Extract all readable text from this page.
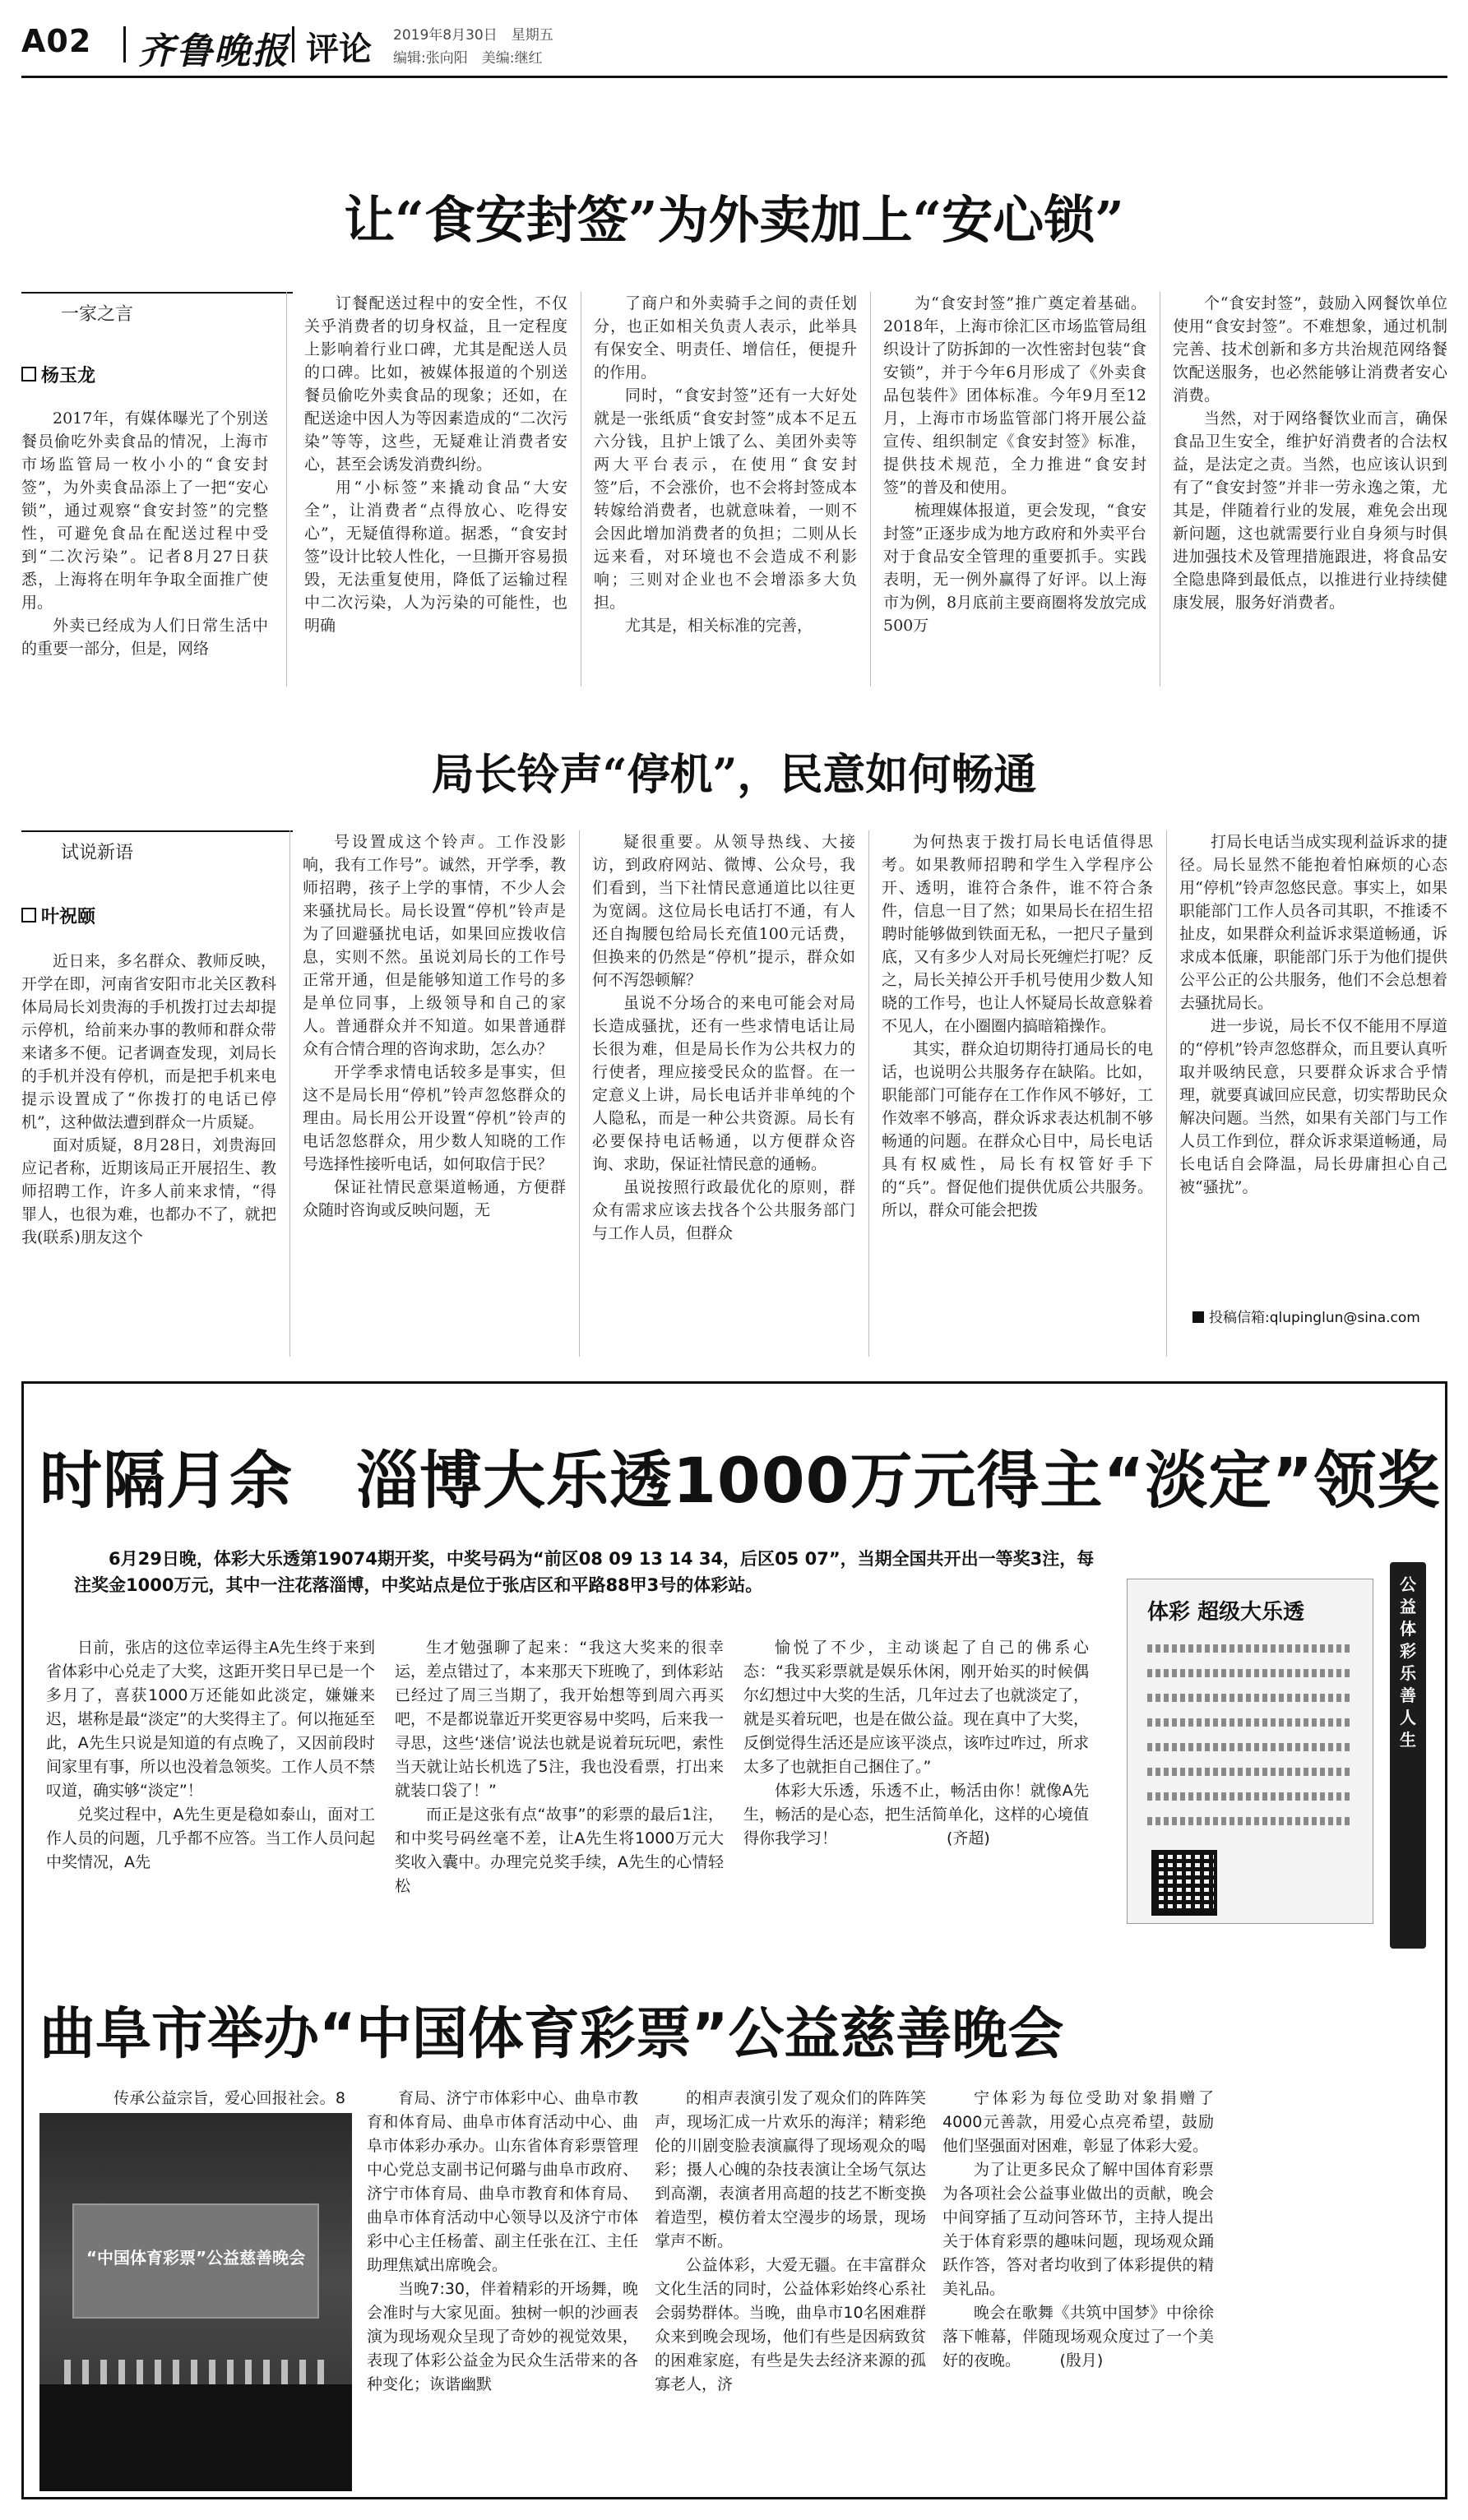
A02 齐鲁晚报 评论 2019年8月30日　星期五
编辑:张向阳　美编:继红
让“食安封签”为外卖加上“安心锁”
一家之言
杨玉龙

2017年，有媒体曝光了个别送餐员偷吃外卖食品的情况，上海市市场监管局一枚小小的“食安封签”，为外卖食品添上了一把“安心锁”，通过观察“食安封签”的完整性，可避免食品在配送过程中受到“二次污染”。记者8月27日获悉，上海将在明年争取全面推广使用。

外卖已经成为人们日常生活中的重要一部分，但是，网络

订餐配送过程中的安全性，不仅关乎消费者的切身权益，且一定程度上影响着行业口碑，尤其是配送人员的口碑。比如，被媒体报道的个别送餐员偷吃外卖食品的现象；还如，在配送途中因人为等因素造成的“二次污染”等等，这些，无疑难让消费者安心，甚至会诱发消费纠纷。

用“小标签”来撬动食品“大安全”，让消费者“点得放心、吃得安心”，无疑值得称道。据悉，“食安封签”设计比较人性化，一旦撕开容易损毁，无法重复使用，降低了运输过程中二次污染，人为污染的可能性，也明确

了商户和外卖骑手之间的责任划分，也正如相关负责人表示，此举具有保安全、明责任、增信任，便提升的作用。

同时，“食安封签”还有一大好处就是一张纸质“食安封签”成本不足五六分钱，且护上饿了么、美团外卖等两大平台表示，在使用“食安封签”后，不会涨价，也不会将封签成本转嫁给消费者，也就意味着，一则不会因此增加消费者的负担；二则从长远来看，对环境也不会造成不利影响；三则对企业也不会增添多大负担。

尤其是，相关标准的完善，

为“食安封签”推广奠定着基础。2018年，上海市徐汇区市场监管局组织设计了防拆卸的一次性密封包装“食安锁”，并于今年6月形成了《外卖食品包装件》团体标准。今年9月至12月，上海市市场监管部门将开展公益宣传、组织制定《食安封签》标准，提供技术规范，全力推进“食安封签”的普及和使用。

梳理媒体报道，更会发现，“食安封签”正逐步成为地方政府和外卖平台对于食品安全管理的重要抓手。实践表明，无一例外赢得了好评。以上海市为例，8月底前主要商圈将发放完成500万

个“食安封签”，鼓励入网餐饮单位使用“食安封签”。不难想象，通过机制完善、技术创新和多方共治规范网络餐饮配送服务，也必然能够让消费者安心消费。

当然，对于网络餐饮业而言，确保食品卫生安全，维护好消费者的合法权益，是法定之责。当然，也应该认识到有了“食安封签”并非一劳永逸之策，尤其是，伴随着行业的发展，难免会出现新问题，这也就需要行业自身须与时俱进加强技术及管理措施跟进，将食品安全隐患降到最低点，以推进行业持续健康发展，服务好消费者。

局长铃声“停机”，民意如何畅通
试说新语
叶祝颐

近日来，多名群众、教师反映，开学在即，河南省安阳市北关区教科体局局长刘贵海的手机拨打过去却提示停机，给前来办事的教师和群众带来诸多不便。记者调查发现，刘局长的手机并没有停机，而是把手机来电提示设置成了“你拨打的电话已停机”，这种做法遭到群众一片质疑。

面对质疑，8月28日，刘贵海回应记者称，近期该局正开展招生、教师招聘工作，许多人前来求情，“得罪人，也很为难，也都办不了，就把我(联系)朋友这个

号设置成这个铃声。工作没影响，我有工作号”。诚然，开学季，教师招聘，孩子上学的事情，不少人会来骚扰局长。局长设置“停机”铃声是为了回避骚扰电话，如果回应拨收信息，实则不然。虽说刘局长的工作号正常开通，但是能够知道工作号的多是单位同事，上级领导和自己的家人。普通群众并不知道。如果普通群众有合情合理的咨询求助，怎么办？

开学季求情电话较多是事实，但这不是局长用“停机”铃声忽悠群众的理由。局长用公开设置“停机”铃声的电话忽悠群众，用少数人知晓的工作号选择性接听电话，如何取信于民？

保证社情民意渠道畅通，方便群众随时咨询或反映问题，无

疑很重要。从领导热线、大接访，到政府网站、微博、公众号，我们看到，当下社情民意通道比以往更为宽阔。这位局长电话打不通，有人还自掏腰包给局长充值100元话费，但换来的仍然是“停机”提示，群众如何不泻怨顿解？

虽说不分场合的来电可能会对局长造成骚扰，还有一些求情电话让局长很为难，但是局长作为公共权力的行使者，理应接受民众的监督。在一定意义上讲，局长电话并非单纯的个人隐私，而是一种公共资源。局长有必要保持电话畅通，以方便群众咨询、求助，保证社情民意的通畅。

虽说按照行政最优化的原则，群众有需求应该去找各个公共服务部门与工作人员，但群众

为何热衷于拨打局长电话值得思考。如果教师招聘和学生入学程序公开、透明，谁符合条件，谁不符合条件，信息一目了然；如果局长在招生招聘时能够做到铁面无私，一把尺子量到底，又有多少人对局长死缠烂打呢？反之，局长关掉公开手机号使用少数人知晓的工作号，也让人怀疑局长故意躲着不见人，在小圈圈内搞暗箱操作。

其实，群众迫切期待打通局长的电话，也说明公共服务存在缺陷。比如，职能部门可能存在工作作风不够好，工作效率不够高，群众诉求表达机制不够畅通的问题。在群众心目中，局长电话具有权威性，局长有权管好手下的“兵”。督促他们提供优质公共服务。所以，群众可能会把拨

打局长电话当成实现利益诉求的捷径。局长显然不能抱着怕麻烦的心态用“停机”铃声忽悠民意。事实上，如果职能部门工作人员各司其职，不推诿不扯皮，如果群众利益诉求渠道畅通，诉求成本低廉，职能部门乐于为他们提供公平公正的公共服务，他们不会总想着去骚扰局长。

进一步说，局长不仅不能用不厚道的“停机”铃声忽悠群众，而且要认真听取并吸纳民意，只要群众诉求合乎情理，就要真诚回应民意，切实帮助民众解决问题。当然，如果有关部门与工作人员工作到位，群众诉求渠道畅通，局长电话自会降温，局长毋庸担心自己被“骚扰”。

投稿信箱:qlupinglun@sina.com
时隔月余　淄博大乐透1000万元得主“淡定”领奖
6月29日晚，体彩大乐透第19074期开奖，中奖号码为“前区08 09 13 14 34，后区05 07”，当期全国共开出一等奖3注，每注奖金1000万元，其中一注花落淄博，中奖站点是位于张店区和平路88甲3号的体彩站。

日前，张店的这位幸运得主A先生终于来到省体彩中心兑走了大奖，这距开奖日早已是一个多月了，喜获1000万还能如此淡定，嫌嫌来迟，堪称是最“淡定”的大奖得主了。何以拖延至此，A先生只说是知道的有点晚了，又因前段时间家里有事，所以也没着急领奖。工作人员不禁叹道，确实够“淡定”！

兑奖过程中，A先生更是稳如泰山，面对工作人员的问题，几乎都不应答。当工作人员问起中奖情况，A先

生才勉强聊了起来：“我这大奖来的很幸运，差点错过了，本来那天下班晚了，到体彩站已经过了周三当期了，我开始想等到周六再买吧，不是都说靠近开奖更容易中奖吗，后来我一寻思，这些‘迷信’说法也就是说着玩玩吧，索性当天就让站长机选了5注，我也没看票，打出来就装口袋了！”

而正是这张有点“故事”的彩票的最后1注，和中奖号码丝毫不差，让A先生将1000万元大奖收入囊中。办理完兑奖手续，A先生的心情轻松

愉悦了不少，主动谈起了自己的佛系心态：“我买彩票就是娱乐休闲，刚开始买的时候偶尔幻想过中大奖的生活，几年过去了也就淡定了，就是买着玩吧，也是在做公益。现在真中了大奖，反倒觉得生活还是应该平淡点，该咋过咋过，所求太多了也就拒自己捆住了。”

体彩大乐透，乐透不止，畅活由你！就像A先生，畅活的是心态，把生活简单化，这样的心境值得你我学习！　　　　　　　(齐超)

体彩 超级大乐透
公益体彩 乐善人生
曲阜市举办“中国体育彩票”公益慈善晚会

传承公益宗旨，爱心回报社会。8

“中国体育彩票”公益慈善晚会

育局、济宁市体彩中心、曲阜市教育和体育局、曲阜市体育活动中心、曲阜市体彩办承办。山东省体育彩票管理中心党总支副书记何璐与曲阜市政府、济宁市体育局、曲阜市教育和体育局、曲阜市体育活动中心领导以及济宁市体彩中心主任杨蕾、副主任张在江、主任助理焦斌出席晚会。

当晚7:30，伴着精彩的开场舞，晚会准时与大家见面。独树一帜的沙画表演为现场观众呈现了奇妙的视觉效果，表现了体彩公益金为民众生活带来的各种变化；诙谐幽默

的相声表演引发了观众们的阵阵笑声，现场汇成一片欢乐的海洋；精彩绝伦的川剧变脸表演赢得了现场观众的喝彩；摄人心魄的杂技表演让全场气氛达到高潮，表演者用高超的技艺不断变换着造型，模仿着太空漫步的场景，现场掌声不断。

公益体彩，大爱无疆。在丰富群众文化生活的同时，公益体彩始终心系社会弱势群体。当晚，曲阜市10名困难群众来到晚会现场，他们有些是因病致贫的困难家庭，有些是失去经济来源的孤寡老人，济

宁体彩为每位受助对象捐赠了4000元善款，用爱心点亮希望，鼓励他们坚强面对困难，彰显了体彩大爱。

为了让更多民众了解中国体育彩票为各项社会公益事业做出的贡献，晚会中间穿插了互动问答环节，主持人提出关于体育彩票的趣味问题，现场观众踊跃作答，答对者均收到了体彩提供的精美礼品。

晚会在歌舞《共筑中国梦》中徐徐落下帷幕，伴随现场观众度过了一个美好的夜晚。　　　(殷月)
